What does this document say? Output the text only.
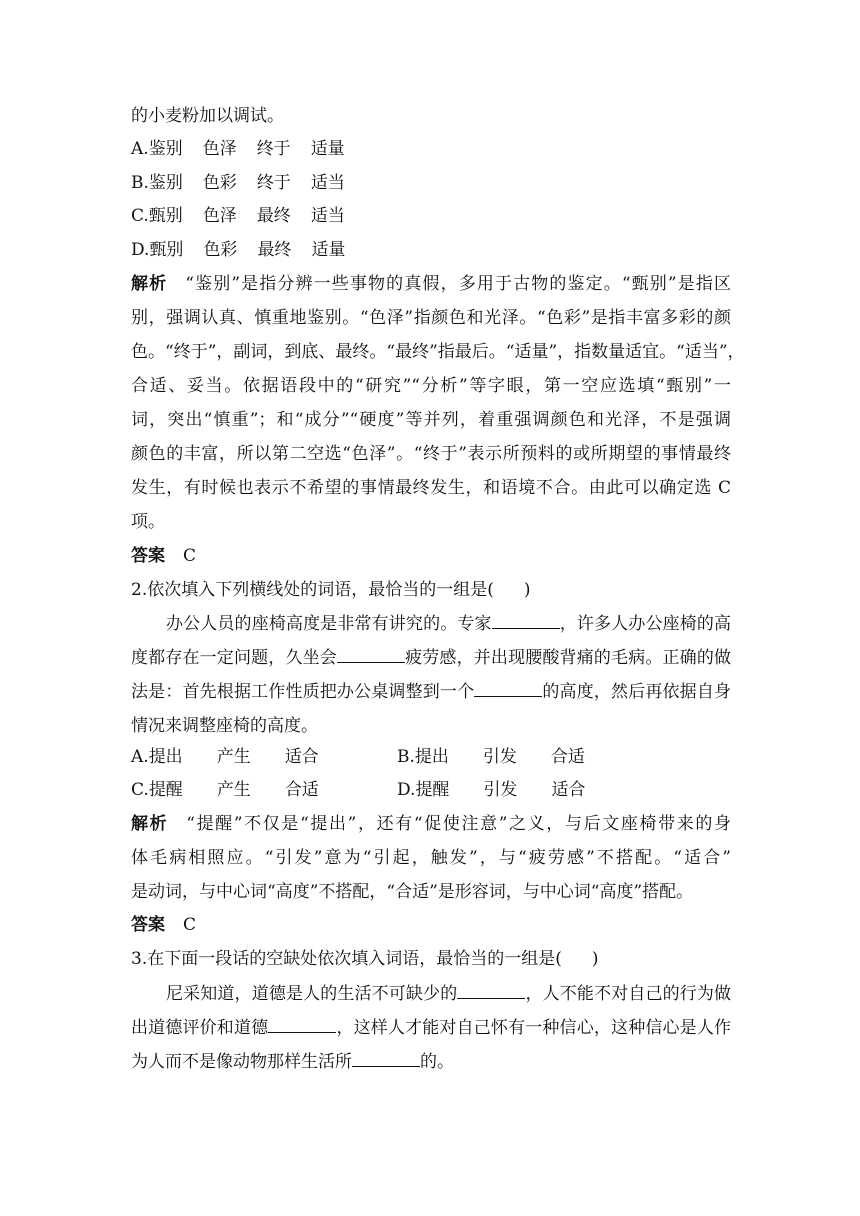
的小麦粉加以调试。
A.鉴别 色泽 终于 适量
B.鉴别 色彩 终于 适当
C.甄别 色泽 最终 适当
D.甄别 色彩 最终 适量
解析 “鉴别”是指分辨一些事物的真假，多用于古物的鉴定。“甄别”是指区
别，强调认真、慎重地鉴别。“色泽”指颜色和光泽。“色彩”是指丰富多彩的颜
色。“终于”，副词，到底、最终。“最终”指最后。“适量”，指数量适宜。“适当”，
合适、妥当。依据语段中的“研究”“分析”等字眼，第一空应选填“甄别”一
词，突出“慎重”；和“成分”“硬度”等并列，着重强调颜色和光泽，不是强调
颜色的丰富，所以第二空选“色泽”。“终于”表示所预料的或所期望的事情最终
发生，有时候也表示不希望的事情最终发生，和语境不合。由此可以确定选 C
项。
答案 C
2.依次填入下列横线处的词语，最恰当的一组是( )
办公人员的座椅高度是非常有讲究的。专家	，许多人办公座椅的高
度都存在一定问题，久坐会	疲劳感，并出现腰酸背痛的毛病。正确的做
法是：首先根据工作性质把办公桌调整到一个	的高度，然后再依据自身
情况来调整座椅的高度。
A.提出 产生 适合	B.提出 引发 合适
C.提醒 产生 合适	D.提醒 引发 适合
解析 “提醒”不仅是“提出”，还有“促使注意”之义，与后文座椅带来的身
体毛病相照应。“引发”意为“引起，触发”，与“疲劳感”不搭配。“适合”
是动词，与中心词“高度”不搭配，“合适”是形容词，与中心词“高度”搭配。
答案 C
3.在下面一段话的空缺处依次填入词语，最恰当的一组是( )
尼采知道，道德是人的生活不可缺少的	，人不能不对自己的行为做
出道德评价和道德	，这样人才能对自己怀有一种信心，这种信心是人作
为人而不是像动物那样生活所	的。
